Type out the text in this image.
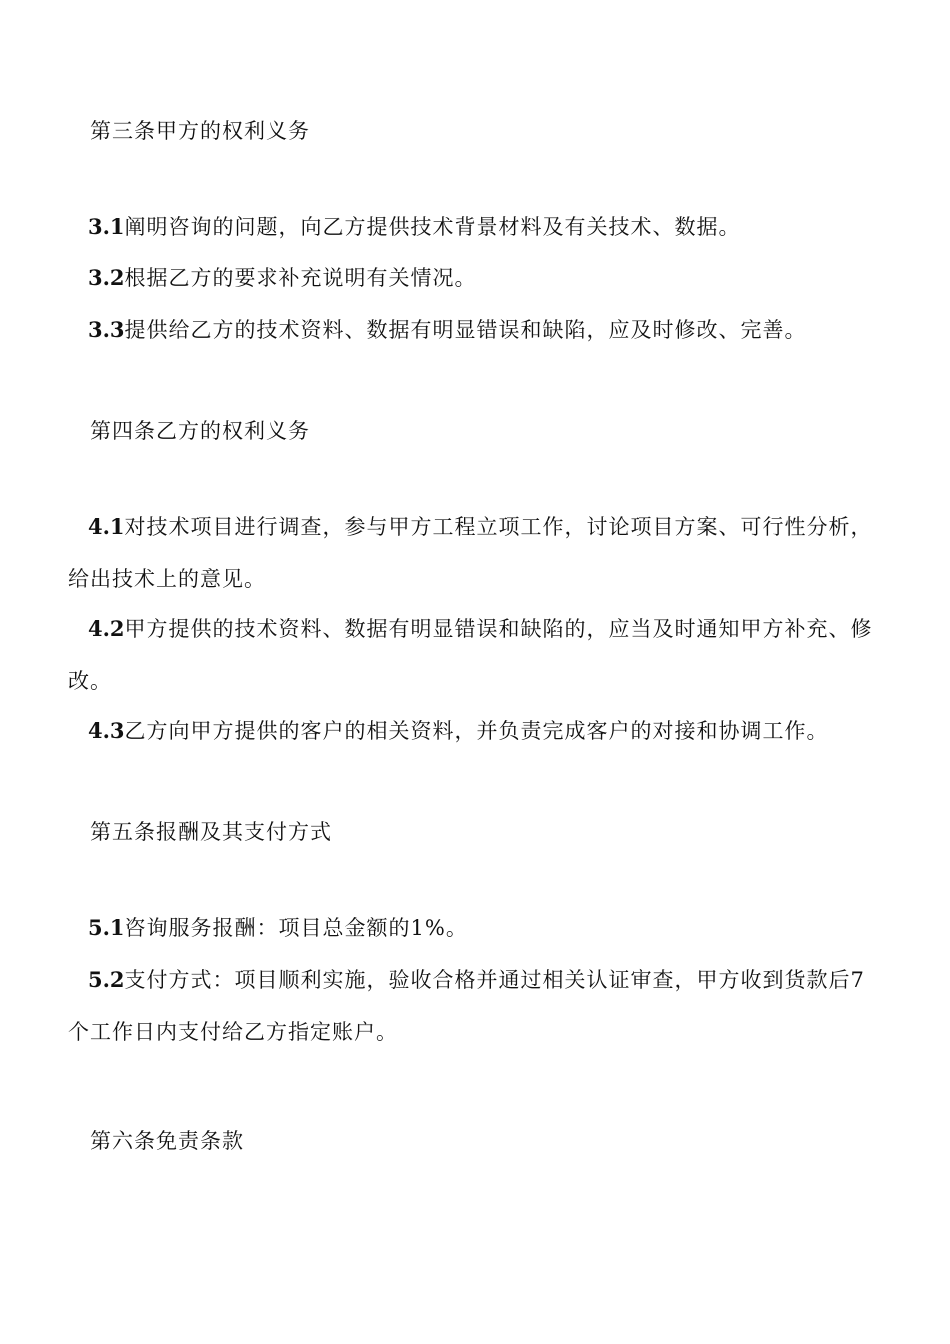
第三条甲方的权利义务
3.1阐明咨询的问题，向乙方提供技术背景材料及有关技术、数据。
3.2根据乙方的要求补充说明有关情况。
3.3提供给乙方的技术资料、数据有明显错误和缺陷，应及时修改、完善。
第四条乙方的权利义务
4.1对技术项目进行调查，参与甲方工程立项工作，讨论项目方案、可行性分析， 给出技术上的意见。
4.2甲方提供的技术资料、数据有明显错误和缺陷的，应当及时通知甲方补充、修 改。
4.3乙方向甲方提供的客户的相关资料，并负责完成客户的对接和协调工作。
第五条报酬及其支付方式
5.1咨询服务报酬：项目总金额的1%。
5.2支付方式：项目顺利实施，验收合格并通过相关认证审查，甲方收到货款后7个工作日内支付给乙方指定账户。
第六条免责条款
